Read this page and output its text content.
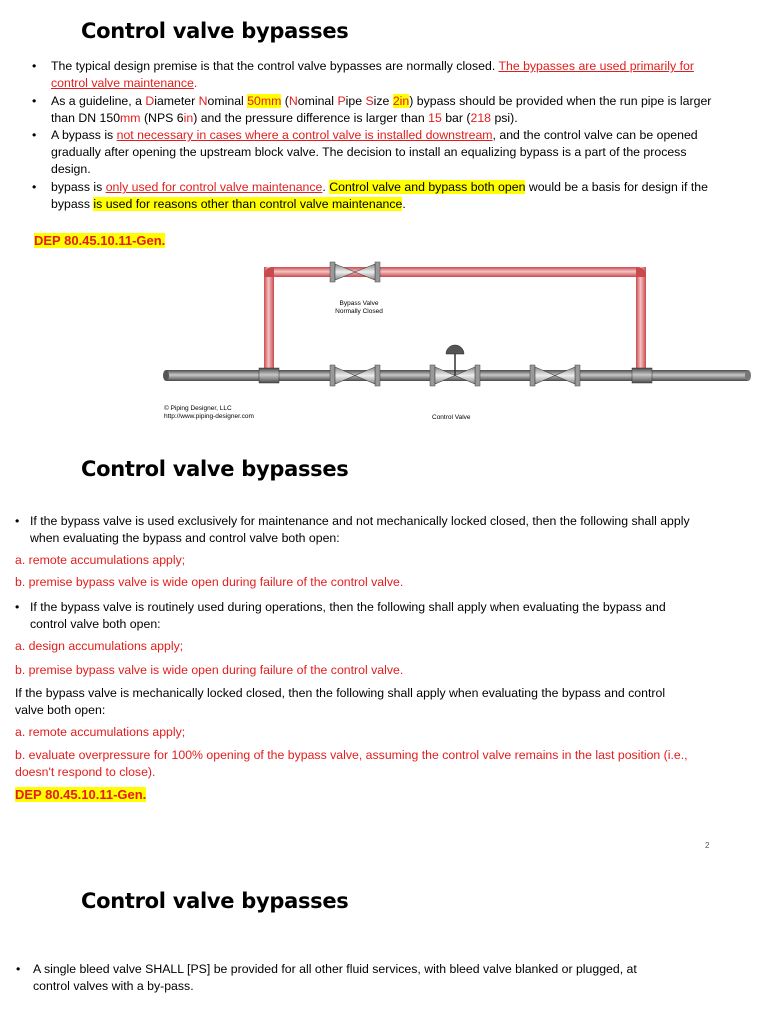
Control valve bypasses
• The typical design premise is that the control valve bypasses are normally closed. The bypasses are used primarily for
control valve maintenance.
• As a guideline, a Diameter Nominal 50mm (Nominal Pipe Size 2in) bypass should be provided when the run pipe is larger
than DN 150mm (NPS 6in) and the pressure difference is larger than 15 bar (218 psi).
• A bypass is not necessary in cases where a control valve is installed downstream, and the control valve can be opened
gradually after opening the upstream block valve. The decision to install an equalizing bypass is a part of the process
design.
• bypass is only used for control valve maintenance. Control valve and bypass both open would be a basis for design if the
bypass is used for reasons other than control valve maintenance.
DEP 80.45.10.11-Gen.
Bypass Valve
Normally Closed
© Piping Designer, LLC
http://www.piping-designer.com	Control Valve
Control valve bypasses
• If the bypass valve is used exclusively for maintenance and not mechanically locked closed, then the following shall apply
when evaluating the bypass and control valve both open:
a. remote accumulations apply;
b. premise bypass valve is wide open during failure of the control valve.
• If the bypass valve is routinely used during operations, then the following shall apply when evaluating the bypass and
control valve both open:
a. design accumulations apply;
b. premise bypass valve is wide open during failure of the control valve.
If the bypass valve is mechanically locked closed, then the following shall apply when evaluating the bypass and control
valve both open:
a. remote accumulations apply;
b. evaluate overpressure for 100% opening of the bypass valve, assuming the control valve remains in the last position (i.e.,
doesn't respond to close).
DEP 80.45.10.11-Gen.
2
Control valve bypasses
• A single bleed valve SHALL [PS] be provided for all other fluid services, with bleed valve blanked or plugged, at
control valves with a by-pass.
